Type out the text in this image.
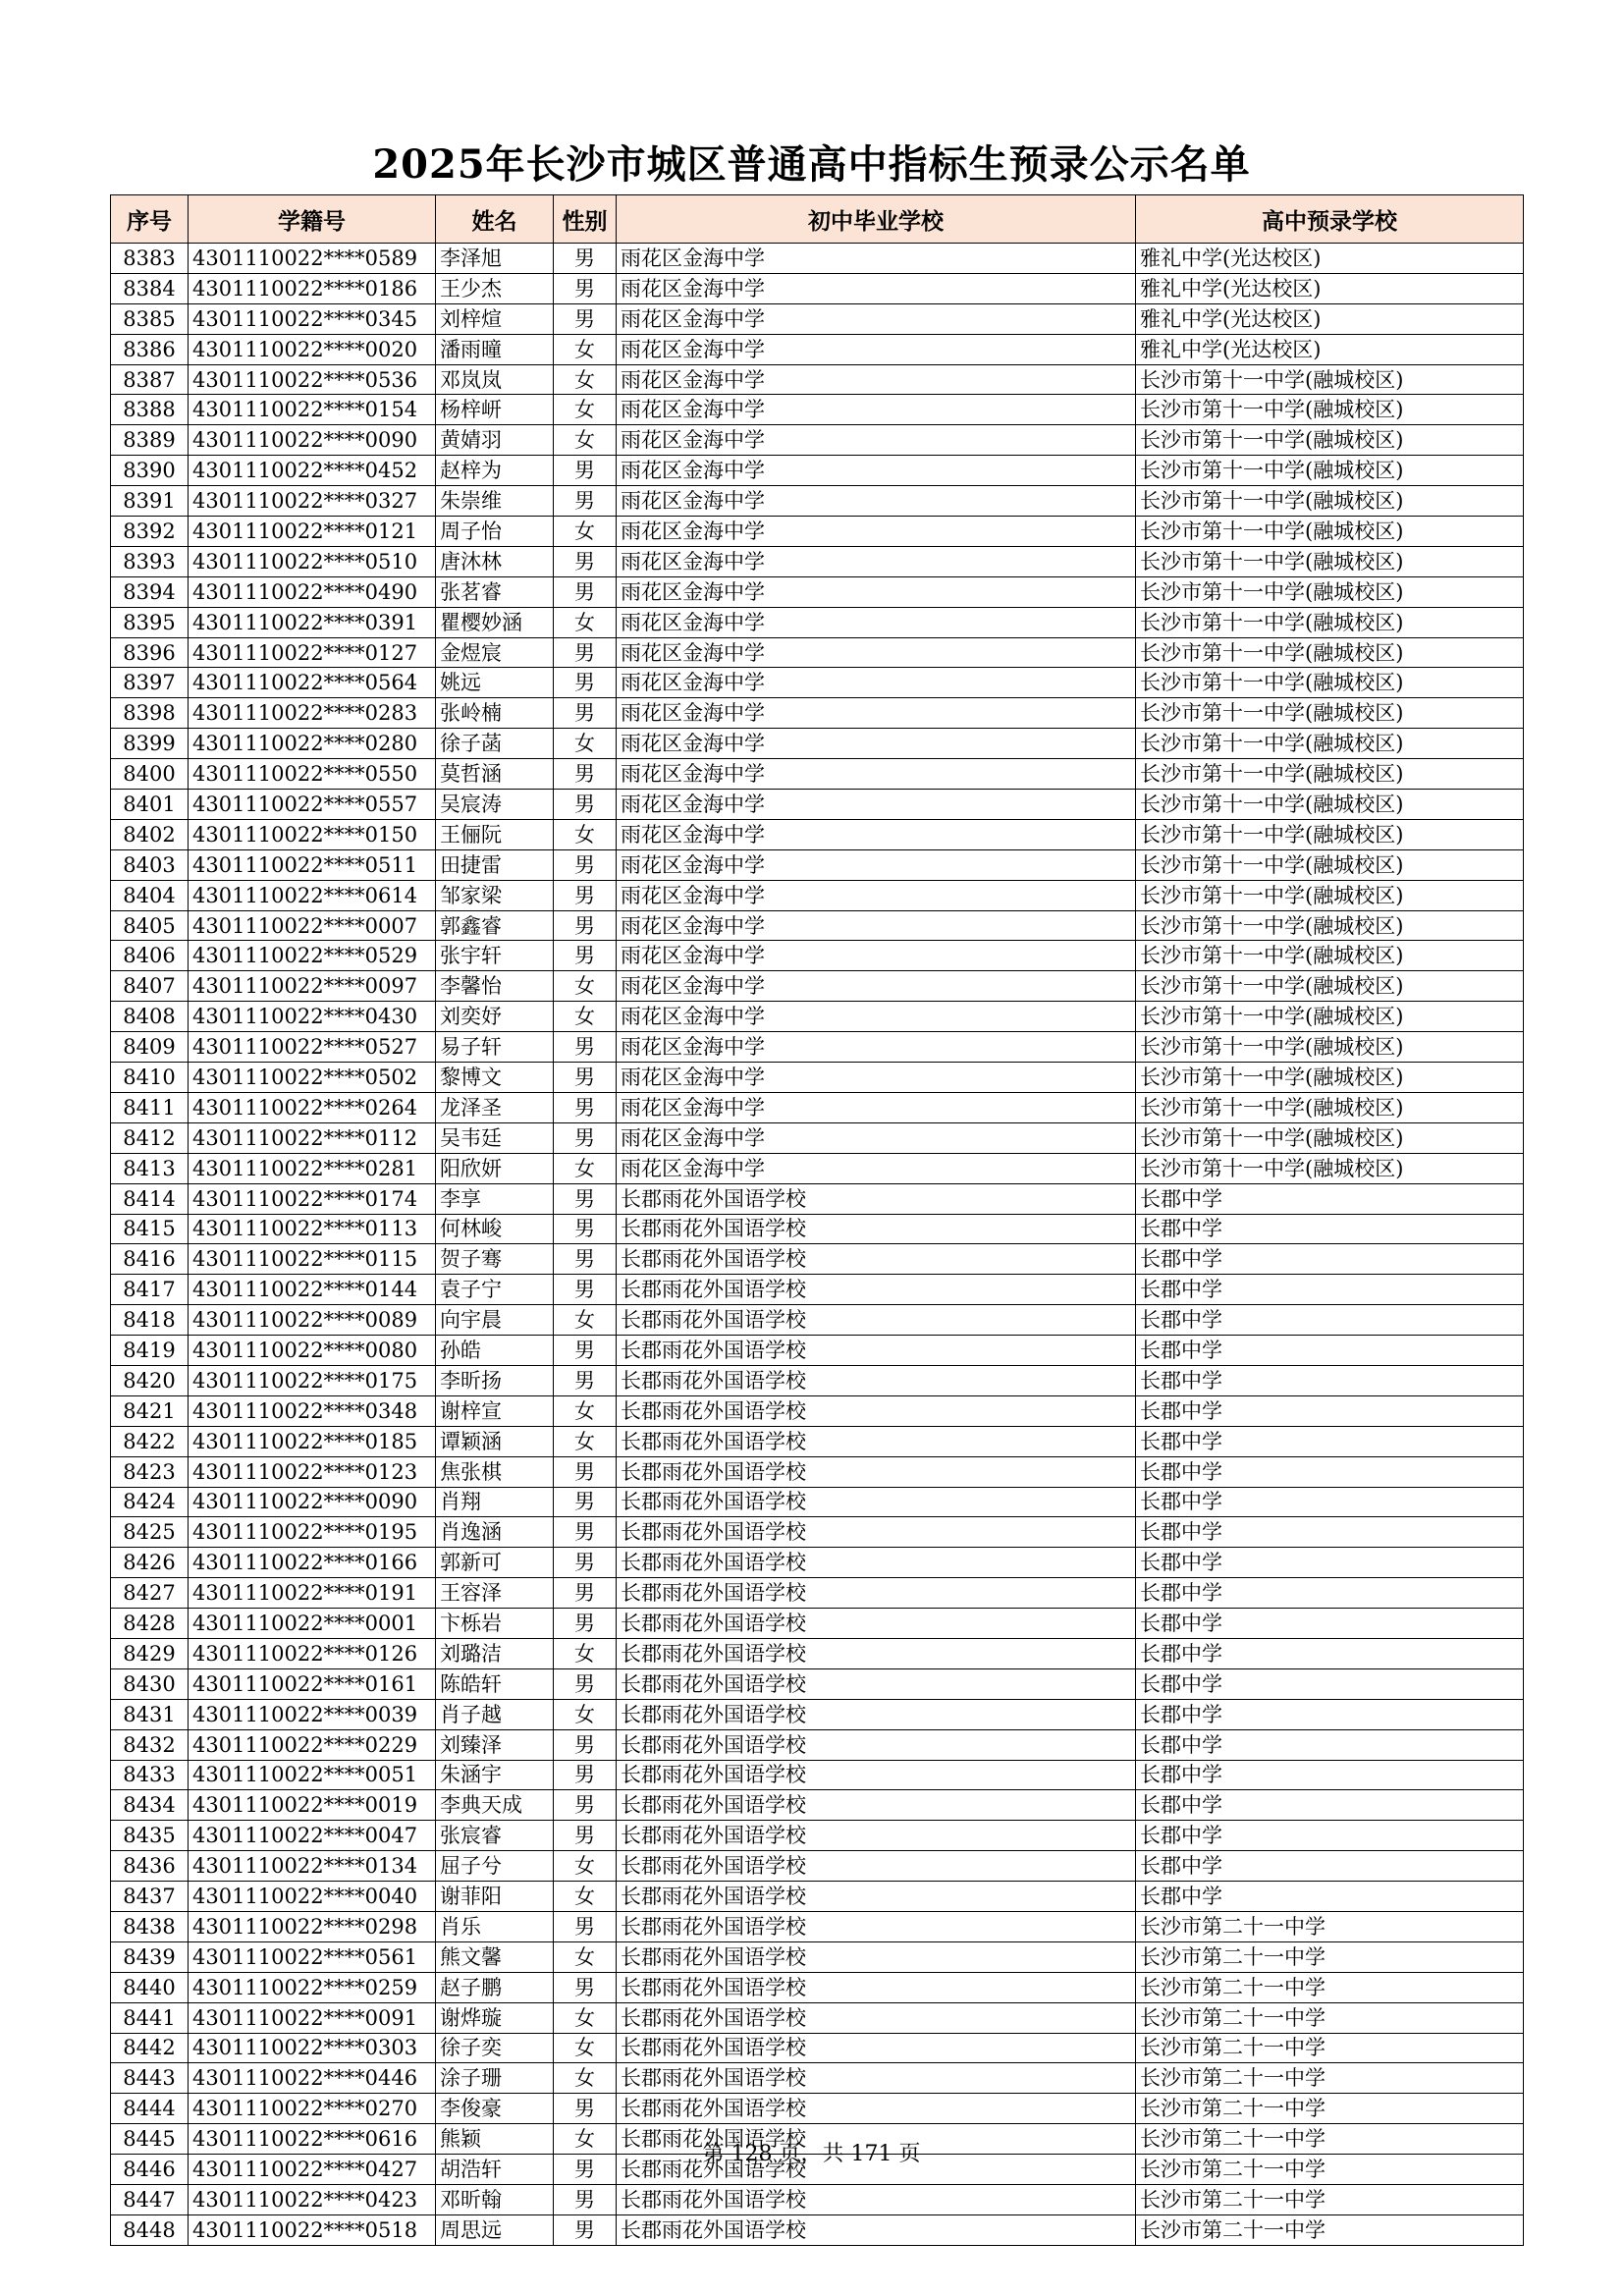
2025年长沙市城区普通高中指标生预录公示名单
序号	学籍号	姓名	性别	初中毕业学校	高中预录学校
8383	4301110022****0589	李泽旭	男	雨花区金海中学	雅礼中学(光达校区)
8384	4301110022****0186	王少杰	男	雨花区金海中学	雅礼中学(光达校区)
8385	4301110022****0345	刘梓煊	男	雨花区金海中学	雅礼中学(光达校区)
8386	4301110022****0020	潘雨曈	女	雨花区金海中学	雅礼中学(光达校区)
8387	4301110022****0536	邓岚岚	女	雨花区金海中学	长沙市第十一中学(融城校区)
8388	4301110022****0154	杨梓岍	女	雨花区金海中学	长沙市第十一中学(融城校区)
8389	4301110022****0090	黄婧羽	女	雨花区金海中学	长沙市第十一中学(融城校区)
8390	4301110022****0452	赵梓为	男	雨花区金海中学	长沙市第十一中学(融城校区)
8391	4301110022****0327	朱崇维	男	雨花区金海中学	长沙市第十一中学(融城校区)
8392	4301110022****0121	周子怡	女	雨花区金海中学	长沙市第十一中学(融城校区)
8393	4301110022****0510	唐沐林	男	雨花区金海中学	长沙市第十一中学(融城校区)
8394	4301110022****0490	张茗睿	男	雨花区金海中学	长沙市第十一中学(融城校区)
8395	4301110022****0391	瞿樱妙涵	女	雨花区金海中学	长沙市第十一中学(融城校区)
8396	4301110022****0127	金煜宸	男	雨花区金海中学	长沙市第十一中学(融城校区)
8397	4301110022****0564	姚远	男	雨花区金海中学	长沙市第十一中学(融城校区)
8398	4301110022****0283	张岭楠	男	雨花区金海中学	长沙市第十一中学(融城校区)
8399	4301110022****0280	徐子菡	女	雨花区金海中学	长沙市第十一中学(融城校区)
8400	4301110022****0550	莫哲涵	男	雨花区金海中学	长沙市第十一中学(融城校区)
8401	4301110022****0557	吴宸涛	男	雨花区金海中学	长沙市第十一中学(融城校区)
8402	4301110022****0150	王俪阮	女	雨花区金海中学	长沙市第十一中学(融城校区)
8403	4301110022****0511	田捷雷	男	雨花区金海中学	长沙市第十一中学(融城校区)
8404	4301110022****0614	邹家梁	男	雨花区金海中学	长沙市第十一中学(融城校区)
8405	4301110022****0007	郭鑫睿	男	雨花区金海中学	长沙市第十一中学(融城校区)
8406	4301110022****0529	张宇轩	男	雨花区金海中学	长沙市第十一中学(融城校区)
8407	4301110022****0097	李馨怡	女	雨花区金海中学	长沙市第十一中学(融城校区)
8408	4301110022****0430	刘奕妤	女	雨花区金海中学	长沙市第十一中学(融城校区)
8409	4301110022****0527	易子轩	男	雨花区金海中学	长沙市第十一中学(融城校区)
8410	4301110022****0502	黎博文	男	雨花区金海中学	长沙市第十一中学(融城校区)
8411	4301110022****0264	龙泽圣	男	雨花区金海中学	长沙市第十一中学(融城校区)
8412	4301110022****0112	吴韦廷	男	雨花区金海中学	长沙市第十一中学(融城校区)
8413	4301110022****0281	阳欣妍	女	雨花区金海中学	长沙市第十一中学(融城校区)
8414	4301110022****0174	李享	男	长郡雨花外国语学校	长郡中学
8415	4301110022****0113	何林峻	男	长郡雨花外国语学校	长郡中学
8416	4301110022****0115	贺子骞	男	长郡雨花外国语学校	长郡中学
8417	4301110022****0144	袁子宁	男	长郡雨花外国语学校	长郡中学
8418	4301110022****0089	向宇晨	女	长郡雨花外国语学校	长郡中学
8419	4301110022****0080	孙皓	男	长郡雨花外国语学校	长郡中学
8420	4301110022****0175	李昕扬	男	长郡雨花外国语学校	长郡中学
8421	4301110022****0348	谢梓宣	女	长郡雨花外国语学校	长郡中学
8422	4301110022****0185	谭颖涵	女	长郡雨花外国语学校	长郡中学
8423	4301110022****0123	焦张棋	男	长郡雨花外国语学校	长郡中学
8424	4301110022****0090	肖翔	男	长郡雨花外国语学校	长郡中学
8425	4301110022****0195	肖逸涵	男	长郡雨花外国语学校	长郡中学
8426	4301110022****0166	郭新可	男	长郡雨花外国语学校	长郡中学
8427	4301110022****0191	王容泽	男	长郡雨花外国语学校	长郡中学
8428	4301110022****0001	卞栎岩	男	长郡雨花外国语学校	长郡中学
8429	4301110022****0126	刘璐洁	女	长郡雨花外国语学校	长郡中学
8430	4301110022****0161	陈皓轩	男	长郡雨花外国语学校	长郡中学
8431	4301110022****0039	肖子越	女	长郡雨花外国语学校	长郡中学
8432	4301110022****0229	刘臻泽	男	长郡雨花外国语学校	长郡中学
8433	4301110022****0051	朱涵宇	男	长郡雨花外国语学校	长郡中学
8434	4301110022****0019	李典天成	男	长郡雨花外国语学校	长郡中学
8435	4301110022****0047	张宸睿	男	长郡雨花外国语学校	长郡中学
8436	4301110022****0134	屈子兮	女	长郡雨花外国语学校	长郡中学
8437	4301110022****0040	谢菲阳	女	长郡雨花外国语学校	长郡中学
8438	4301110022****0298	肖乐	男	长郡雨花外国语学校	长沙市第二十一中学
8439	4301110022****0561	熊文馨	女	长郡雨花外国语学校	长沙市第二十一中学
8440	4301110022****0259	赵子鹏	男	长郡雨花外国语学校	长沙市第二十一中学
8441	4301110022****0091	谢烨璇	女	长郡雨花外国语学校	长沙市第二十一中学
8442	4301110022****0303	徐子奕	女	长郡雨花外国语学校	长沙市第二十一中学
8443	4301110022****0446	涂子珊	女	长郡雨花外国语学校	长沙市第二十一中学
8444	4301110022****0270	李俊豪	男	长郡雨花外国语学校	长沙市第二十一中学
8445	4301110022****0616	熊颖	女	长郡雨花外国语学校	长沙市第二十一中学
8446	4301110022****0427	胡浩轩	男	长郡雨花外国语学校	长沙市第二十一中学
8447	4301110022****0423	邓昕翰	男	长郡雨花外国语学校	长沙市第二十一中学
8448	4301110022****0518	周思远	男	长郡雨花外国语学校	长沙市第二十一中学
第 128 页，共 171 页
